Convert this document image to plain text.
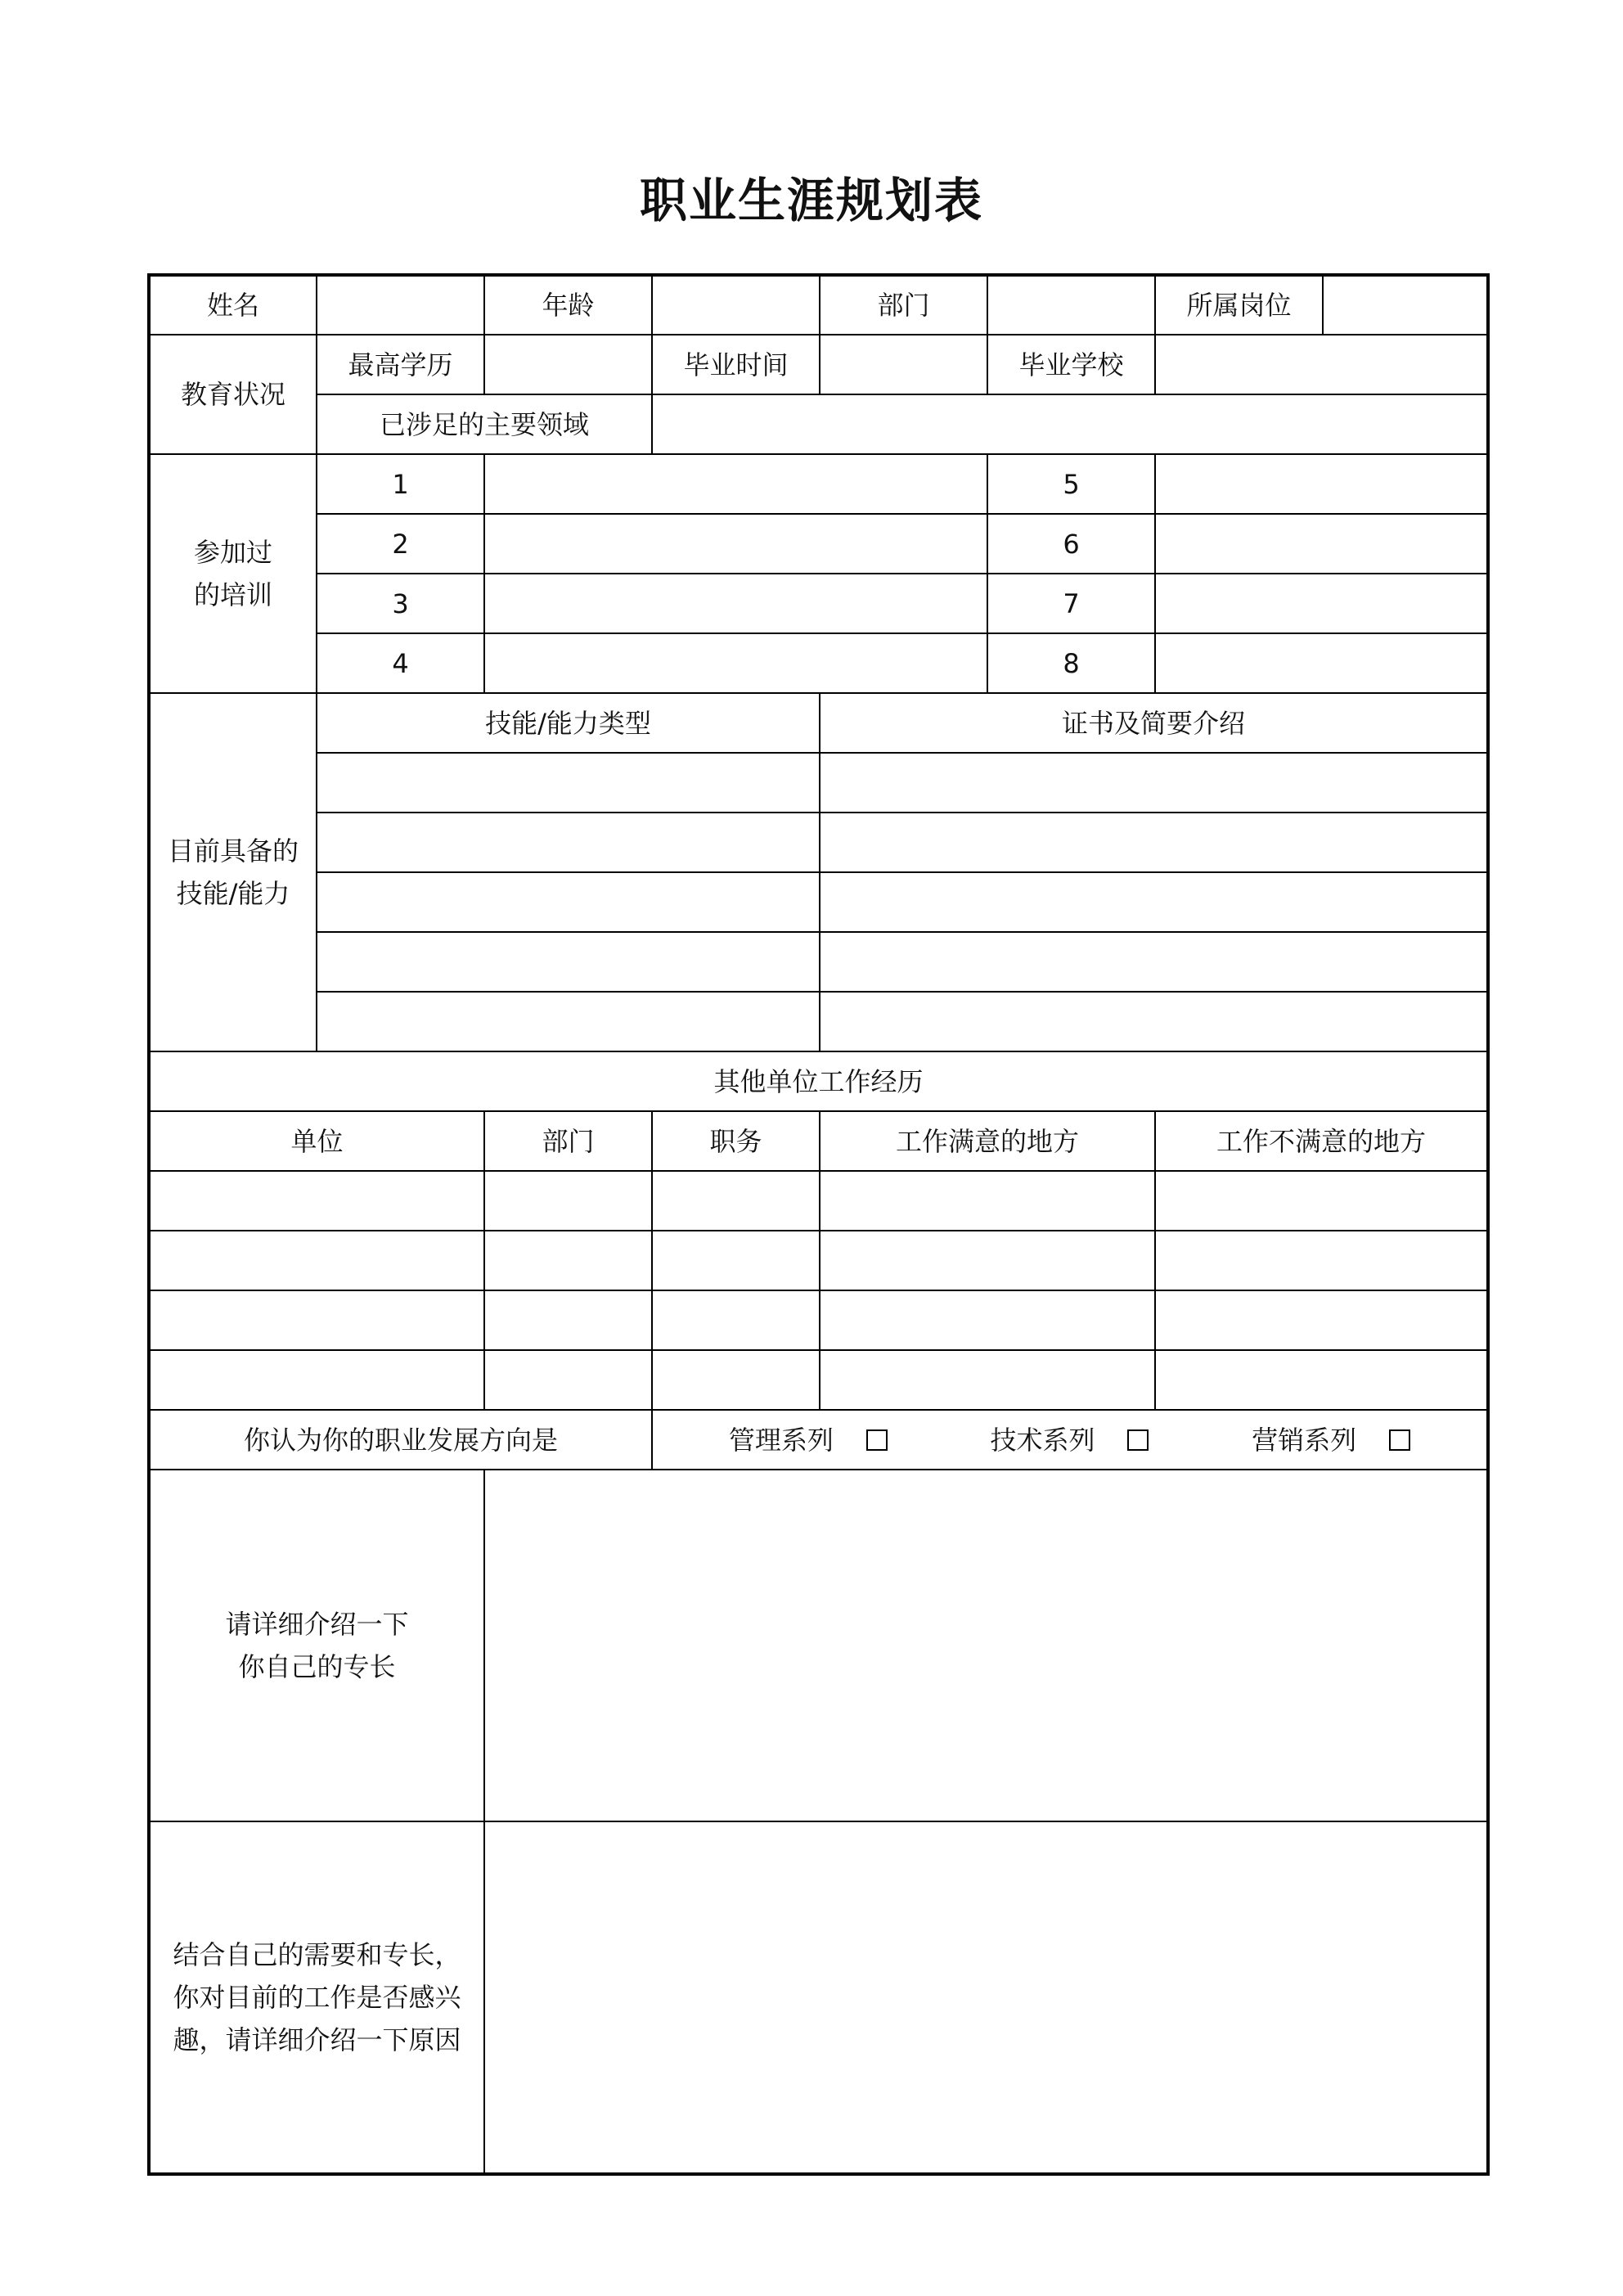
职业生涯规划表
姓名		年龄		部门		所属岗位	
教育状况	最高学历		毕业时间		毕业学校		
	已涉足的主要领域						

参加过
的培训	1				5		
	2				6		
	3				7		
	4				8		

目前具备的
技能/能力	技能/能力类型			证书及简要介绍			

其他单位工作经历							
单位		部门	职务	工作满意的地方		工作不满意的地方	

你认为你的职业发展方向是			管理系列 技术系列 营销系列				

请详细介绍一下
你自己的专长							

结合自己的需要和专长，
你对目前的工作是否感兴
趣，请详细介绍一下原因							
